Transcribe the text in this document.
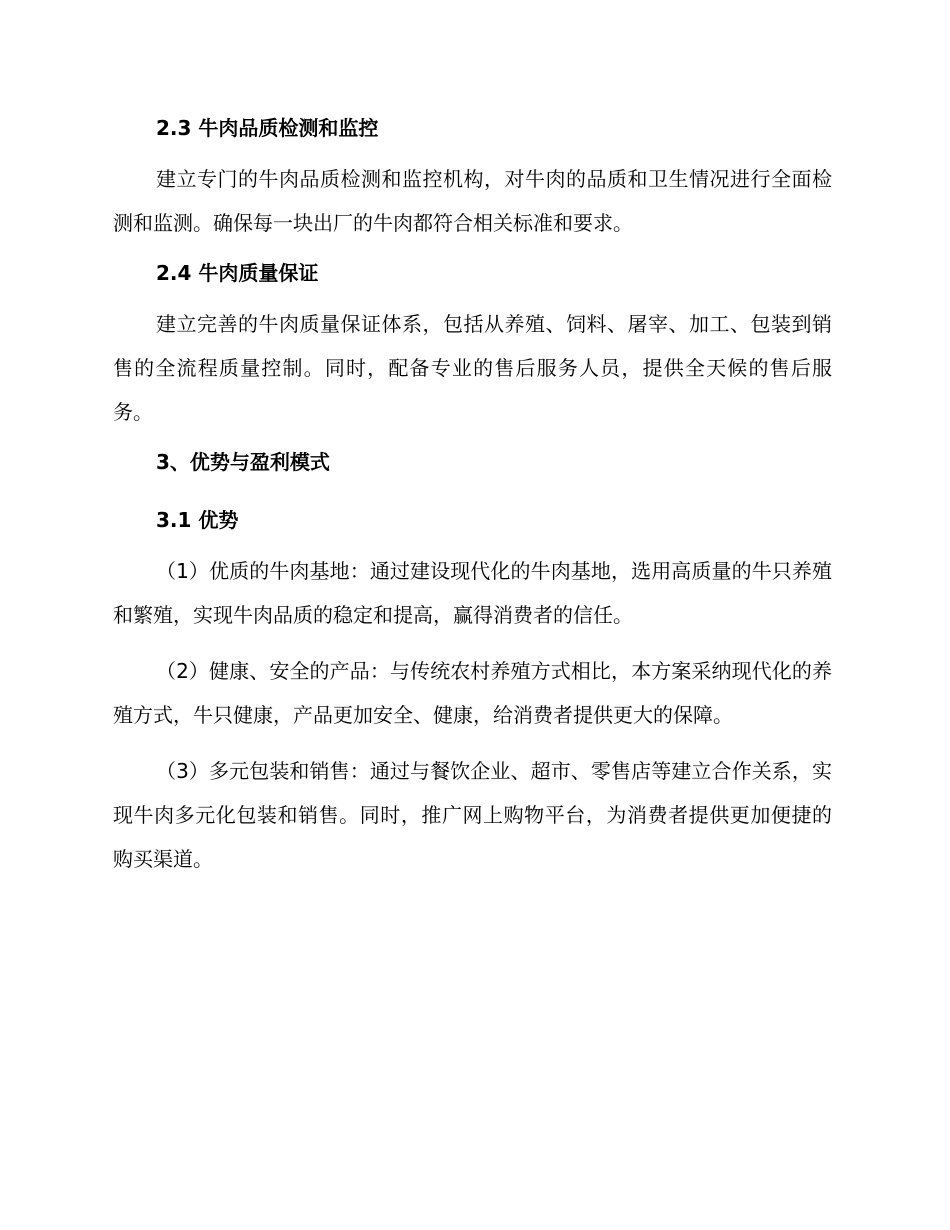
2.3 牛肉品质检测和监控

建立专门的牛肉品质检测和监控机构，对牛肉的品质和卫生情况进行全面检测和监测。确保每一块出厂的牛肉都符合相关标准和要求。

2.4 牛肉质量保证

建立完善的牛肉质量保证体系，包括从养殖、饲料、屠宰、加工、包装到销售的全流程质量控制。同时，配备专业的售后服务人员，提供全天候的售后服务。

3、优势与盈利模式
3.1 优势

（1）优质的牛肉基地：通过建设现代化的牛肉基地，选用高质量的牛只养殖和繁殖，实现牛肉品质的稳定和提高，赢得消费者的信任。

（2）健康、安全的产品：与传统农村养殖方式相比，本方案采纳现代化的养殖方式，牛只健康，产品更加安全、健康，给消费者提供更大的保障。

（3）多元包装和销售：通过与餐饮企业、超市、零售店等建立合作关系，实现牛肉多元化包装和销售。同时，推广网上购物平台，为消费者提供更加便捷的购买渠道。
